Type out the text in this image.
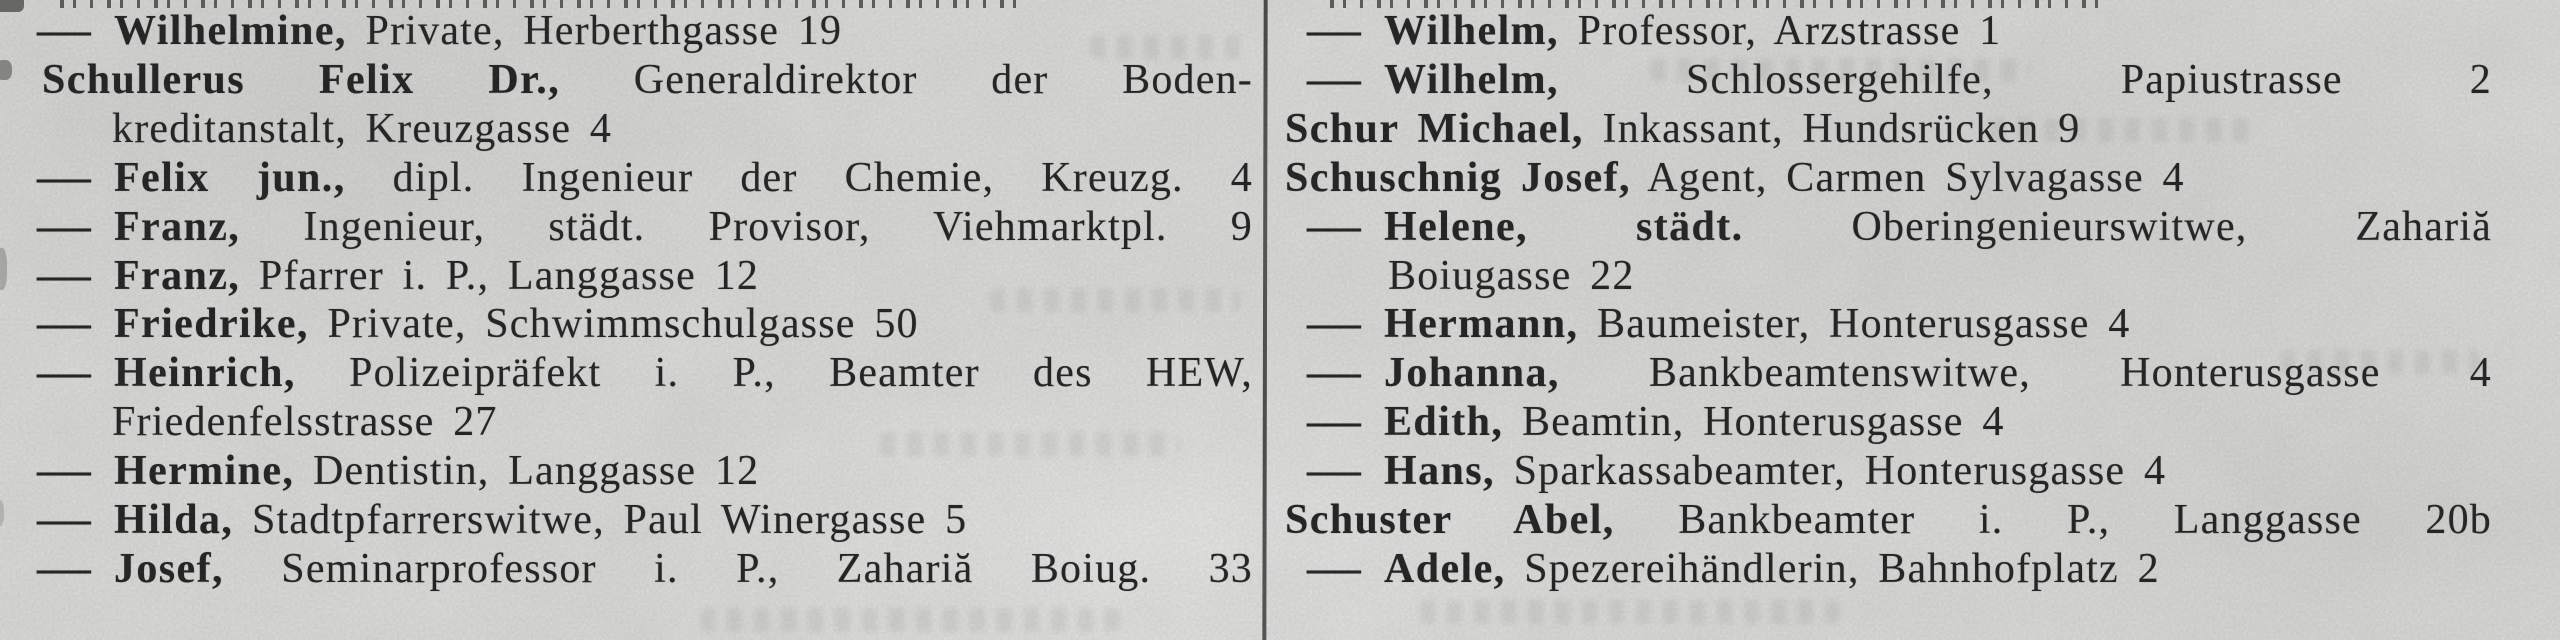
— Wilhelmine, Private, Herberthgasse 19
Schullerus Felix Dr., Generaldirektor der Boden-
kreditanstalt, Kreuzgasse 4
— Felix jun., dipl. Ingenieur der Chemie, Kreuzg. 4
— Franz, Ingenieur, städt. Provisor, Viehmarktpl. 9
— Franz, Pfarrer i. P., Langgasse 12
— Friedrike, Private, Schwimmschulgasse 50
— Heinrich, Polizeipräfekt i. P., Beamter des HEW,
Friedenfelsstrasse 27
— Hermine, Dentistin, Langgasse 12
— Hilda, Stadtpfarrerswitwe, Paul Winergasse 5
— Josef, Seminarprofessor i. P., Zahariă Boiug. 33
— Wilhelm, Professor, Arzstrasse 1
— Wilhelm, Schlossergehilfe, Papiustrasse 2
Schur Michael, Inkassant, Hundsrücken 9
Schuschnig Josef, Agent, Carmen Sylvagasse 4
— Helene, städt. Oberingenieurswitwe, Zahariă
Boiugasse 22
— Hermann, Baumeister, Honterusgasse 4
— Johanna, Bankbeamtenswitwe, Honterusgasse 4
— Edith, Beamtin, Honterusgasse 4
— Hans, Sparkassabeamter, Honterusgasse 4
Schuster Abel, Bankbeamter i. P., Langgasse 20b
— Adele, Spezereihändlerin, Bahnhofplatz 2
